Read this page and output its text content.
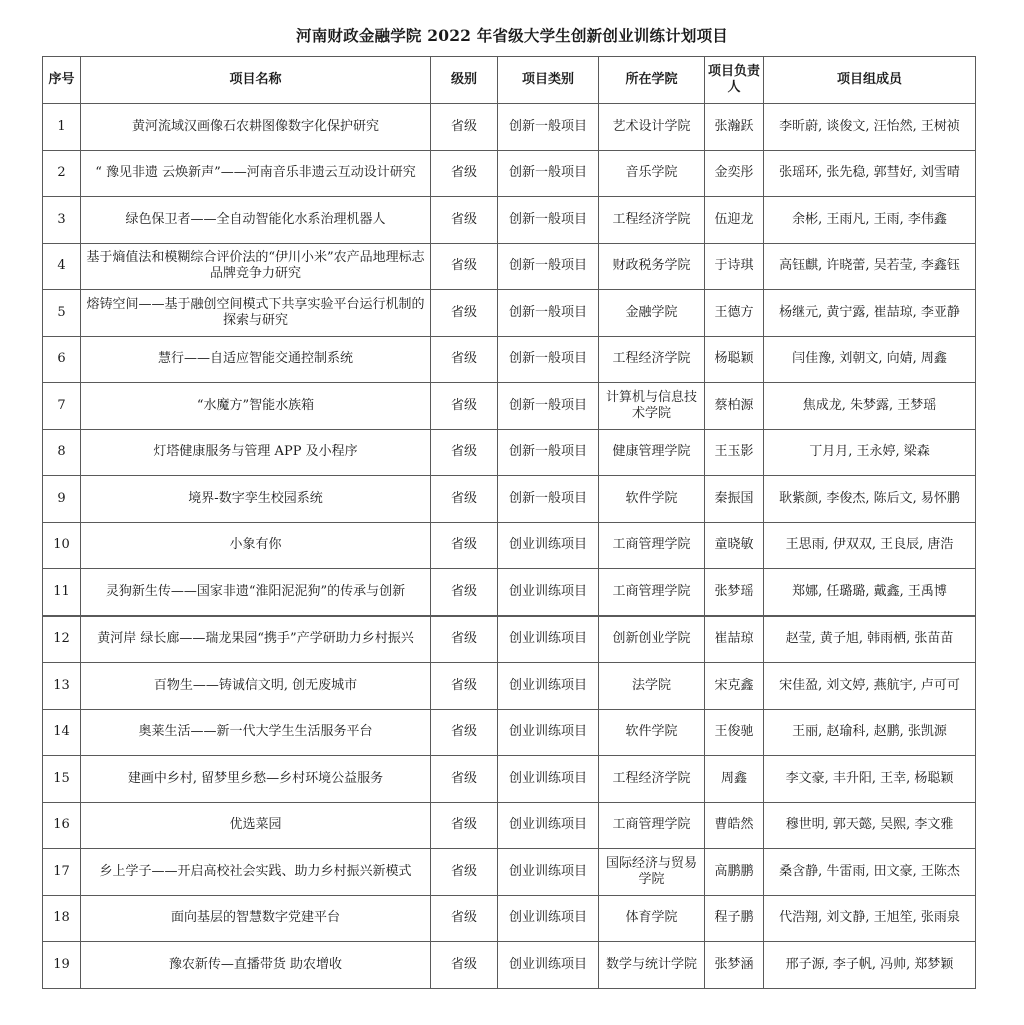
河南财政金融学院 2022 年省级大学生创新创业训练计划项目
序号	项目名称	级别	项目类别	所在学院	项目负责人	项目组成员
1	黄河流域汉画像石农耕图像数字化保护研究	省级	创新一般项目	艺术设计学院	张瀚跃	李昕蔚, 谈俊文, 汪怡然, 王树祯
2	“ 豫见非遗 云焕新声”——河南音乐非遗云互动设计研究	省级	创新一般项目	音乐学院	金奕彤	张瑶环, 张先稳, 郭彗好, 刘雪晴
3	绿色保卫者——全自动智能化水系治理机器人	省级	创新一般项目	工程经济学院	伍迎龙	余彬, 王雨凡, 王雨, 李伟鑫
4	基于熵值法和模糊综合评价法的“伊川小米”农产品地理标志品牌竞争力研究	省级	创新一般项目	财政税务学院	于诗琪	高钰麒, 许晓蕾, 吴若莹, 李鑫钰
5	熔铸空间——基于融创空间模式下共享实验平台运行机制的探索与研究	省级	创新一般项目	金融学院	王德方	杨继元, 黄宁露, 崔喆琼, 李亚静
6	慧行——自适应智能交通控制系统	省级	创新一般项目	工程经济学院	杨聪颖	闫佳豫, 刘朝文, 向婧, 周鑫
7	“水魔方”智能水族箱	省级	创新一般项目	计算机与信息技术学院	蔡柏源	焦成龙, 朱梦露, 王梦瑶
8	灯塔健康服务与管理 APP 及小程序	省级	创新一般项目	健康管理学院	王玉影	丁月月, 王永婷, 梁森
9	境界-数字孪生校园系统	省级	创新一般项目	软件学院	秦振国	耿紫颜, 李俊杰, 陈后文, 易怀鹏
10	小象有你	省级	创业训练项目	工商管理学院	童晓敏	王思雨, 伊双双, 王良辰, 唐浩
11	灵狗新生传——国家非遗“淮阳泥泥狗”的传承与创新	省级	创业训练项目	工商管理学院	张梦瑶	郑娜, 任璐璐, 戴鑫, 王禹博
12	黄河岸 绿长廊——瑞龙果园“携手”产学研助力乡村振兴	省级	创业训练项目	创新创业学院	崔喆琼	赵莹, 黄子旭, 韩雨栖, 张苗苗
13	百物生——铸诚信文明, 创无废城市	省级	创业训练项目	法学院	宋克鑫	宋佳盈, 刘文婷, 燕航宇, 卢可可
14	奥莱生活——新一代大学生生活服务平台	省级	创业训练项目	软件学院	王俊驰	王丽, 赵瑜科, 赵鹏, 张凯源
15	建画中乡村, 留梦里乡愁—乡村环境公益服务	省级	创业训练项目	工程经济学院	周鑫	李文豪, 丰升阳, 王幸, 杨聪颖
16	优选菜园	省级	创业训练项目	工商管理学院	曹皓然	穆世明, 郭天懿, 吴熙, 李文雅
17	乡上学子——开启高校社会实践、助力乡村振兴新模式	省级	创业训练项目	国际经济与贸易学院	高鹏鹏	桑含静, 牛雷雨, 田文豪, 王陈杰
18	面向基层的智慧数字党建平台	省级	创业训练项目	体育学院	程子鹏	代浩翔, 刘文静, 王旭笙, 张雨泉
19	豫农新传—直播带货 助农增收	省级	创业训练项目	数学与统计学院	张梦涵	邢子源, 李子帆, 冯帅, 郑梦颖
